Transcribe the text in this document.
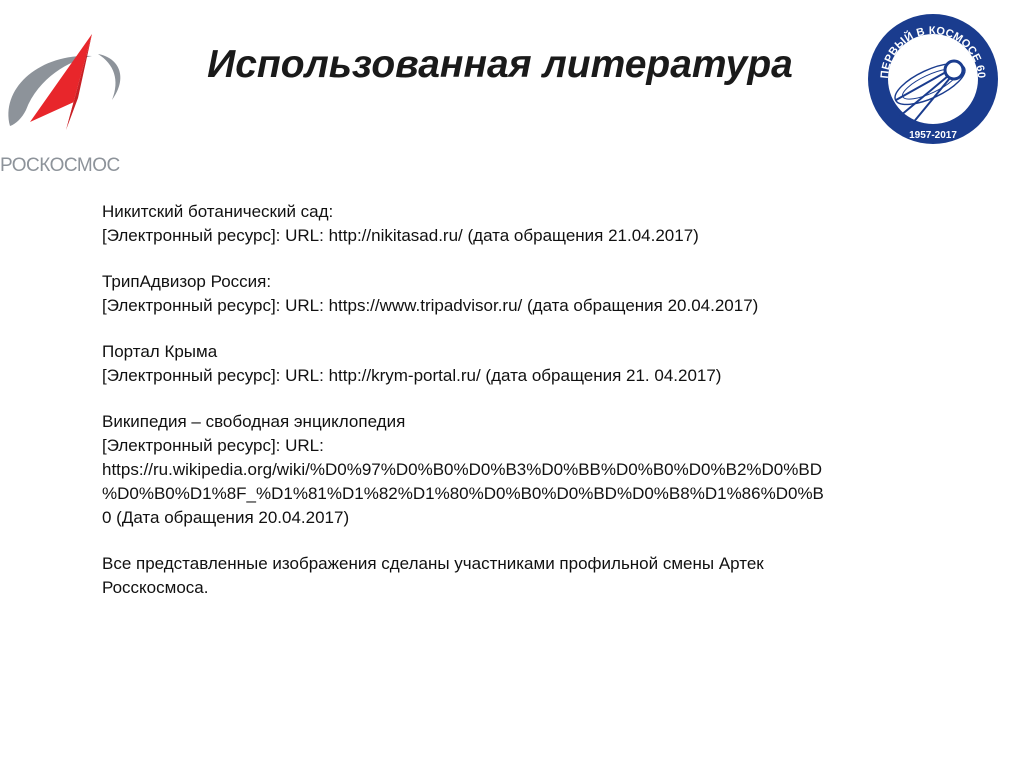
РОСКОСМОС
Использованная литература	ПЕРВЫЙ В КОСМОСЕ 60
1957-2017
Никитский ботанический сад:
[Электронный ресурс]: URL: http://nikitasad.ru/ (дата обращения 21.04.2017)
ТрипАдвизор Россия:
[Электронный ресурс]: URL: https://www.tripadvisor.ru/ (дата обращения 20.04.2017)
Портал Крыма
[Электронный ресурс]: URL: http://krym-portal.ru/ (дата обращения 21. 04.2017)
Википедия – свободная энциклопедия
[Электронный ресурс]: URL:
https://ru.wikipedia.org/wiki/%D0%97%D0%B0%D0%B3%D0%BB%D0%B0%D0%B2%D0%BD
%D0%B0%D1%8F_%D1%81%D1%82%D1%80%D0%B0%D0%BD%D0%B8%D1%86%D0%B
0 (Дата обращения 20.04.2017)
Все представленные изображения сделаны участниками профильной смены Артек
Росскосмоса.
